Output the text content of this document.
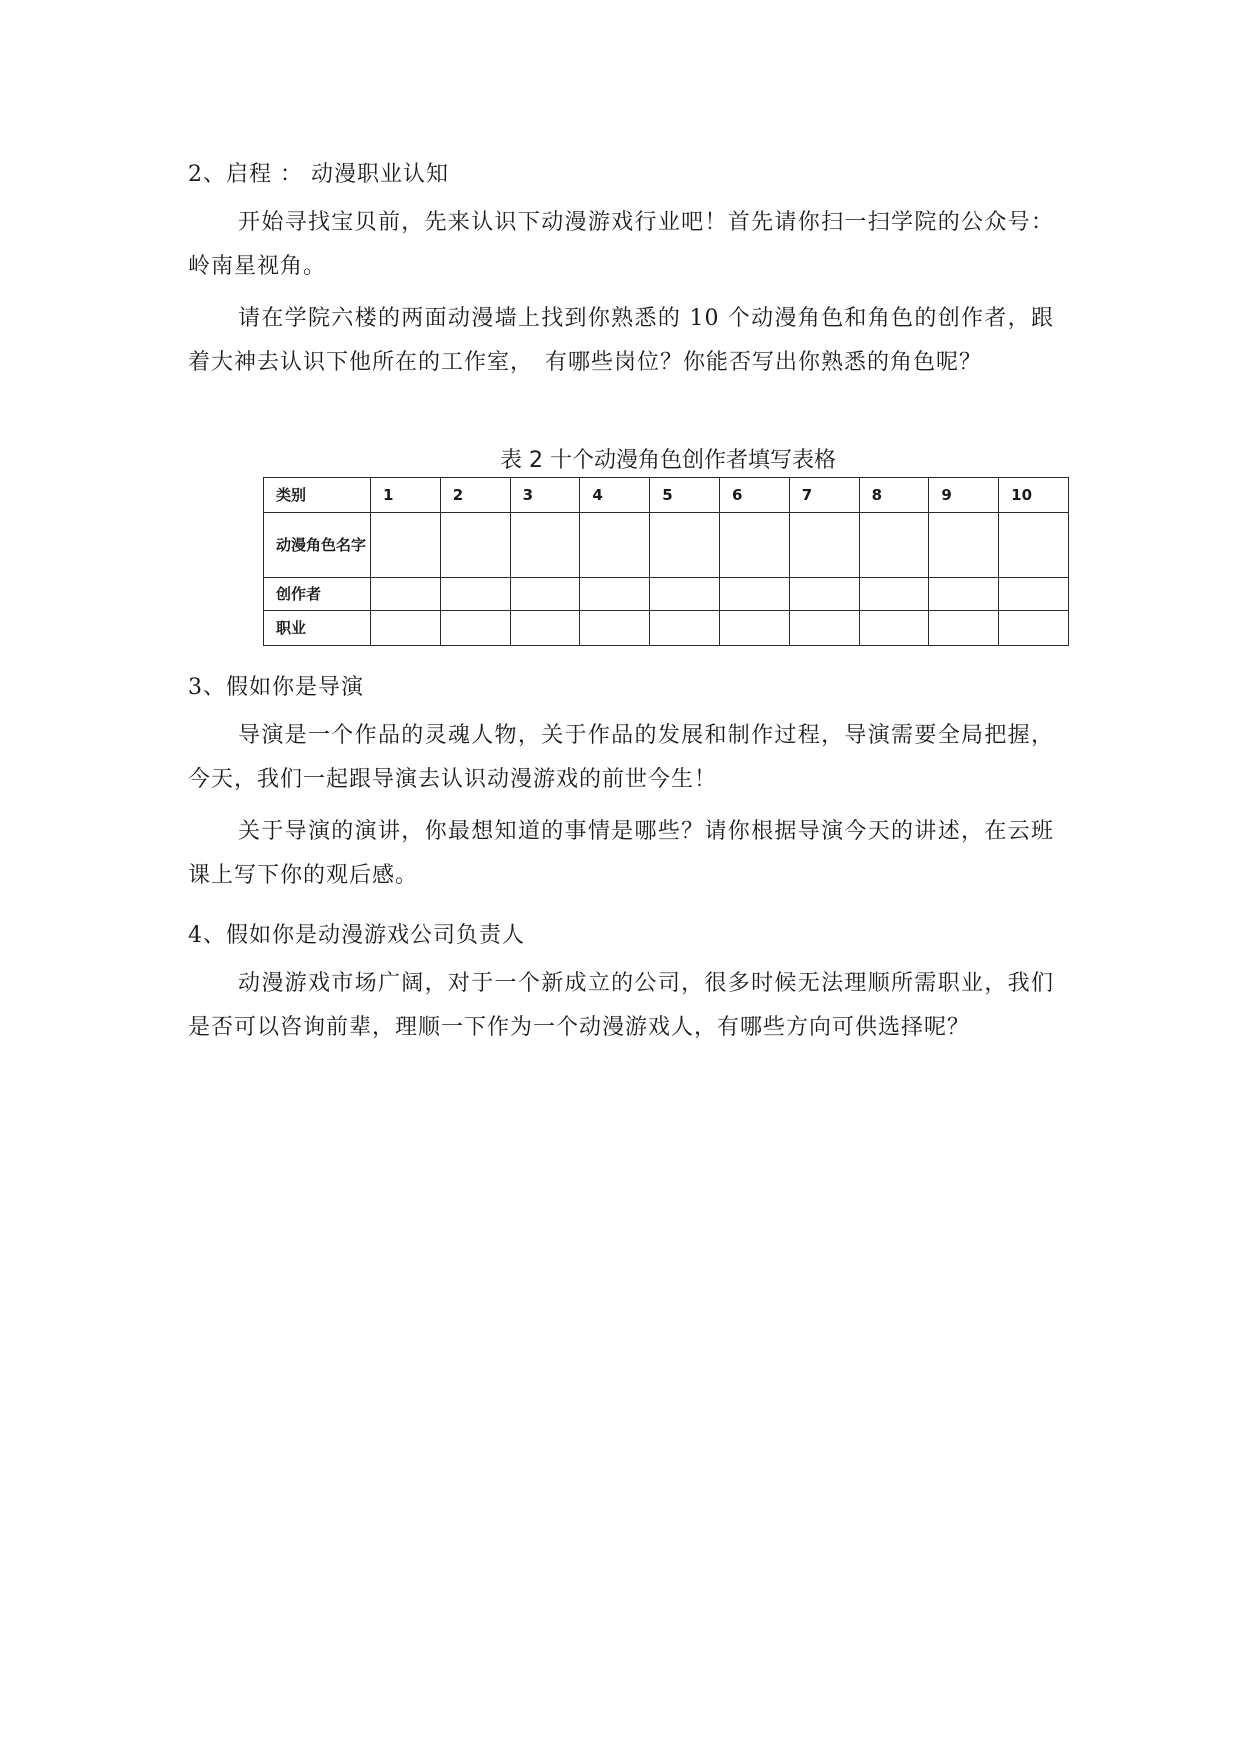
2、启程 ： 动漫职业认知

开始寻找宝贝前，先来认识下动漫游戏行业吧！首先请你扫一扫学院的公众号：岭南星视角。

请在学院六楼的两面动漫墙上找到你熟悉的 10 个动漫角色和角色的创作者，跟着大神去认识下他所在的工作室，　有哪些岗位？你能否写出你熟悉的角色呢？

表 2 十个动漫角色创作者填写表格
类别	1	2	3	4	5	6	7	8	9	10
动漫角色名字										
创作者										
职业										
3、假如你是导演

导演是一个作品的灵魂人物，关于作品的发展和制作过程，导演需要全局把握，今天，我们一起跟导演去认识动漫游戏的前世今生！

关于导演的演讲，你最想知道的事情是哪些？请你根据导演今天的讲述，在云班课上写下你的观后感。

4、假如你是动漫游戏公司负责人

动漫游戏市场广阔，对于一个新成立的公司，很多时候无法理顺所需职业，我们是否可以咨询前辈，理顺一下作为一个动漫游戏人，有哪些方向可供选择呢？
